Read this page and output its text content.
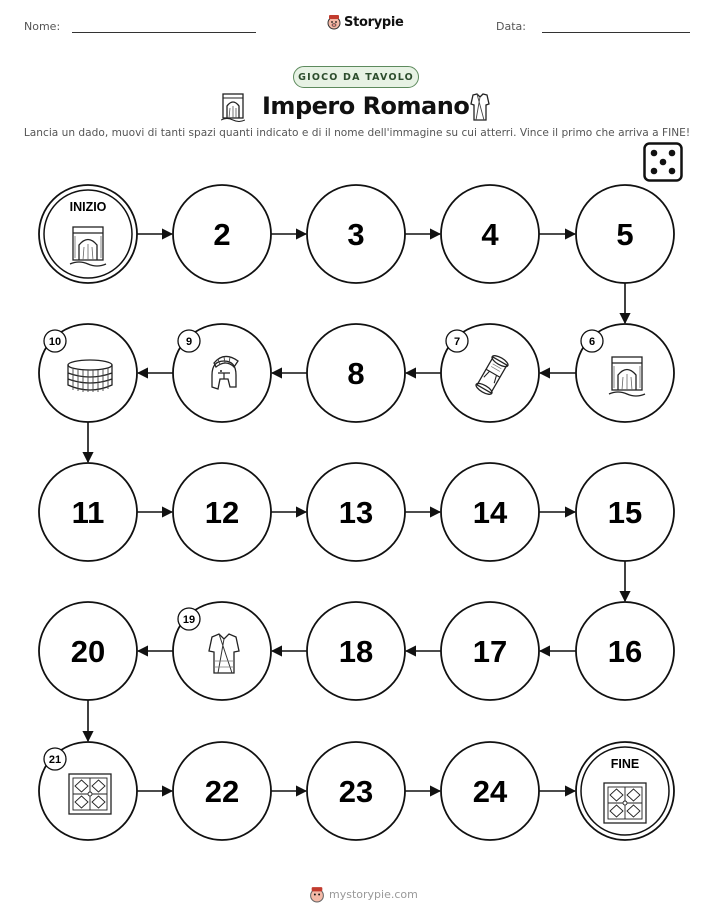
Nome:	Storypie	Data:
GIOCO DA TAVOLO
Impero Romano
Lancia un dado, muovi di tanti spazi quanti indicato e di il nome dell'immagine su cui atterri. Vince il primo che arriva a FINE!
INIZIO
2	3	4	5
6
7
8
9
10
11	12	13	14	15
16
17
18
19
20
21
22	23	24
FINE
mystorypie.com
